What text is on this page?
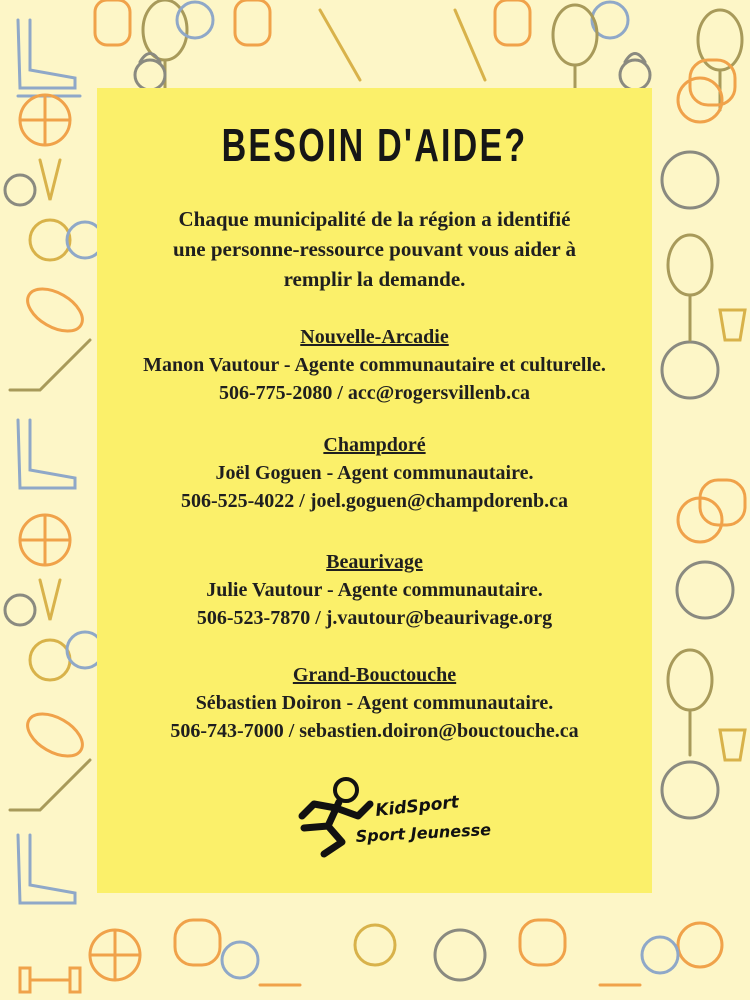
BESOIN D'AIDE?
Chaque municipalité de la région a identifié
une personne-ressource pouvant vous aider à
remplir la demande.
Nouvelle-Arcadie
Manon Vautour - Agente communautaire et culturelle.
506-775-2080 / acc@rogersvillenb.ca
Champdoré
Joël Goguen - Agent communautaire.
506-525-4022 / joel.goguen@champdorenb.ca
Beaurivage
Julie Vautour - Agente communautaire.
506-523-7870 / j.vautour@beaurivage.org
Grand-Bouctouche
Sébastien Doiron - Agent communautaire.
506-743-7000 / sebastien.doiron@bouctouche.ca
KidSport
Sport Jeunesse
